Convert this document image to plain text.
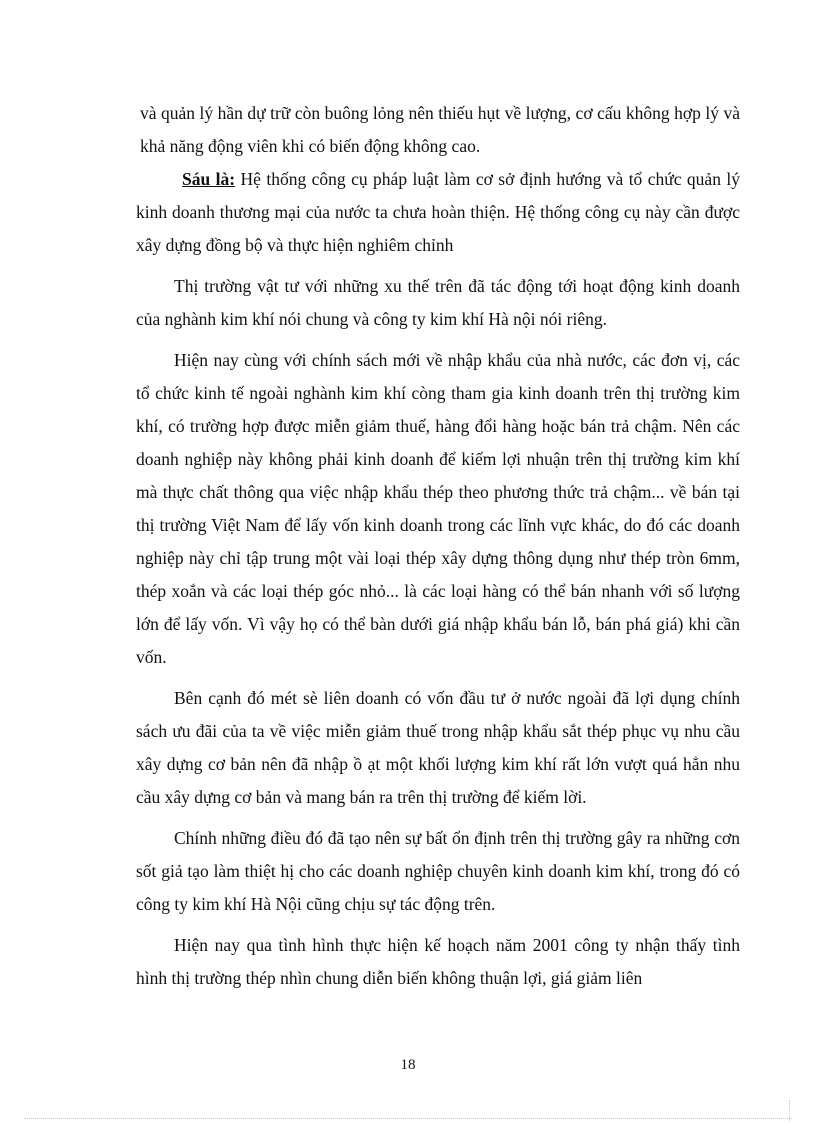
và quản lý hần dự trữ còn buông lỏng nên thiếu hụt về lượng, cơ cấu không hợp lý và khả năng động viên khi có biến động không cao.

Sáu là: Hệ thống công cụ pháp luật làm cơ sở định hướng và tổ chức quản lý kinh doanh thương mại của nước ta chưa hoàn thiện. Hệ thống công cụ này cần được xây dựng đồng bộ và thực hiện nghiêm chỉnh

Thị trường vật tư với những xu thế trên đã tác động tới hoạt động kinh doanh của nghành kim khí nói chung và công ty kim khí Hà nội nói riêng.

Hiện nay cùng với chính sách mới về nhập khẩu của nhà nước, các đơn vị, các tổ chức kinh tế ngoài nghành kim khí còng tham gia kinh doanh trên thị trường kim khí, có trường hợp được miễn giảm thuế, hàng đổi hàng hoặc bán trả chậm. Nên các doanh nghiệp này không phải kinh doanh để kiếm lợi nhuận trên thị trường kim khí mà thực chất thông qua việc nhập khẩu thép theo phương thức trả chậm... về bán tại thị trường Việt Nam để lấy vốn kinh doanh trong các lĩnh vực khác, do đó các doanh nghiệp này chỉ tập trung một vài loại thép xây dựng thông dụng như thép tròn 6mm, thép xoắn và các loại thép góc nhỏ... là các loại hàng có thể bán nhanh với số lượng lớn để lấy vốn. Vì vậy họ có thể bàn dưới giá nhập khẩu bán lỗ, bán phá giá) khi cần vốn.

Bên cạnh đó mét sè liên doanh có vốn đầu tư ở nước ngoài đã lợi dụng chính sách ưu đãi của ta về việc miễn giảm thuế trong nhập khẩu sắt thép phục vụ nhu cầu xây dựng cơ bản nên đã nhập ồ ạt một khối lượng kim khí rất lớn vượt quá hẳn nhu cầu xây dựng cơ bản và mang bán ra trên thị trường để kiếm lời.

Chính những điều đó đã tạo nên sự bất ổn định trên thị trường gây ra những cơn sốt giả tạo làm thiệt hị cho các doanh nghiệp chuyên kinh doanh kim khí, trong đó có công ty kim khí Hà Nội cũng chịu sự tác động trên.

Hiện nay qua tình hình thực hiện kế hoạch năm 2001 công ty nhận thấy tình hình thị trường thép nhìn chung diễn biến không thuận lợi, giá giảm liên

18
